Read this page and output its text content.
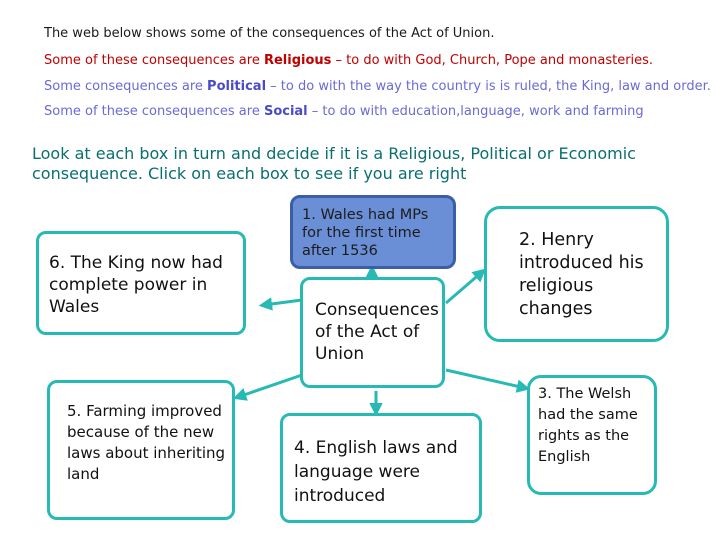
The web below shows some of the consequences of the Act of Union.
Some of these consequences are Religious – to do with God, Church, Pope and monasteries.
Some consequences are Political – to do with the way the country is is ruled, the King, law and order.
Some of these consequences are Social – to do with education,language, work and farming
Look at each box in turn and decide if it is a Religious, Political or Economic consequence. Click on each box to see if you are right
1. Wales had MPs for the first time after 1536
6. The King now had complete power in Wales	Consequences of the Act of Union
2. Henry introduced his religious changes
5. Farming improved because of the new laws about inheriting land
4. English laws and language were introduced
3. The Welsh had the same rights as the English
